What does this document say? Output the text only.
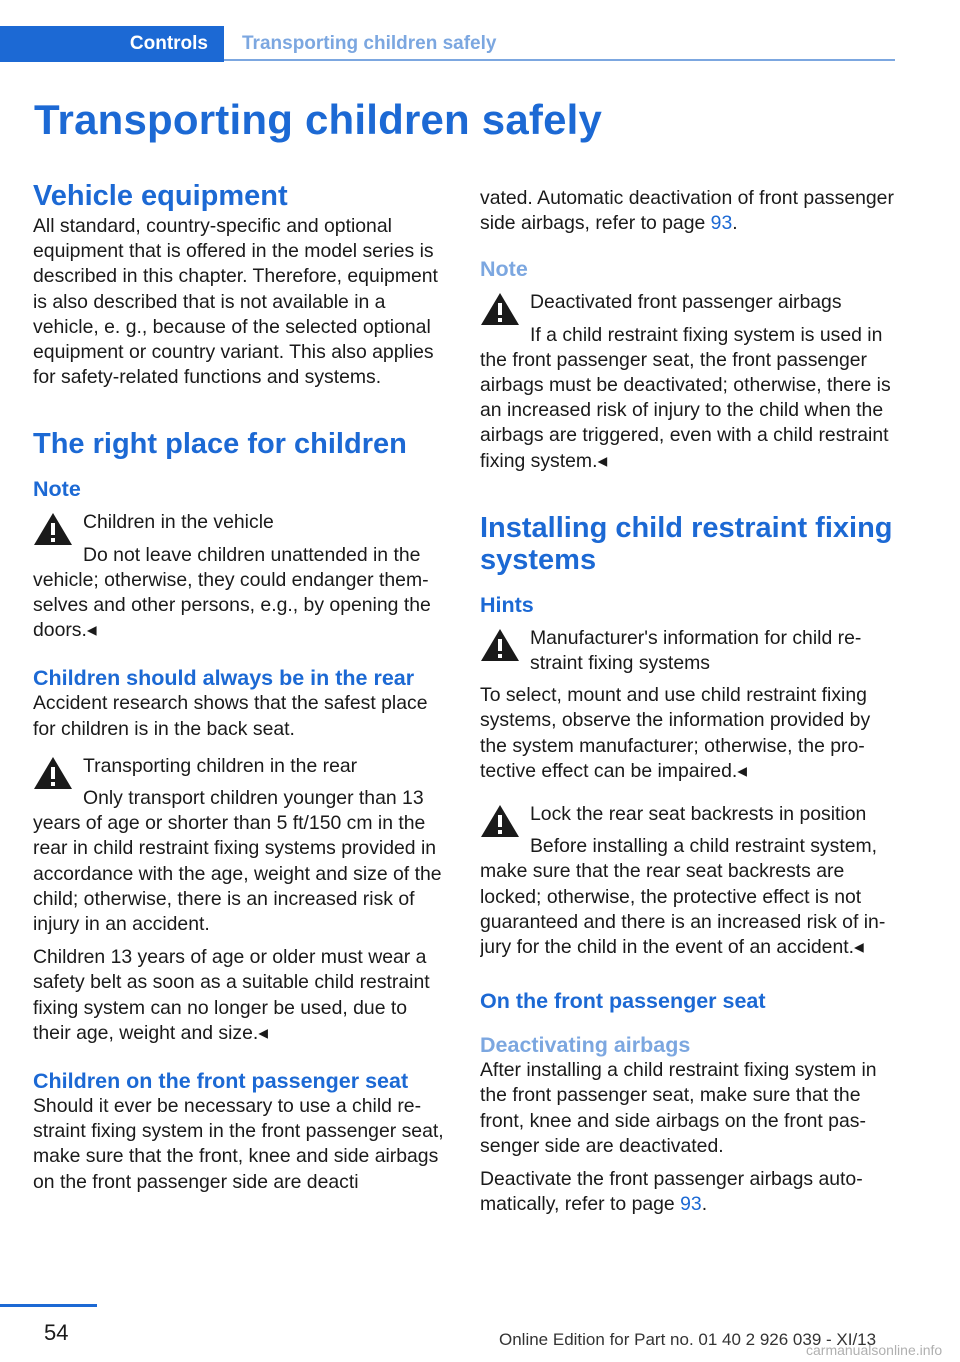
Controls	Transporting children safely
Transporting children safely
Vehicle equipment

All standard, country-specific and optional equipment that is offered in the model series is described in this chapter. Therefore, equipment is also described that is not available in a vehicle, e. g., because of the selected optional equipment or country variant. This also applies for safety-related functions and systems.

The right place for children
Note

Children in the vehicle

Do not leave children unattended in the vehicle; otherwise, they could endanger themselves and other persons, e.g., by opening the doors.◂

Children should always be in the rear

Accident research shows that the safest place for children is in the back seat.

Transporting children in the rear

Only transport children younger than 13 years of age or shorter than 5 ft/150 cm in the rear in child restraint fixing systems provided in accordance with the age, weight and size of the child; otherwise, there is an increased risk of injury in an accident.

Children 13 years of age or older must wear a safety belt as soon as a suitable child restraint fixing system can no longer be used, due to their age, weight and size.◂

Children on the front passenger seat

Should it ever be necessary to use a child restraint fixing system in the front passenger seat, make sure that the front, knee and side airbags on the front passenger side are deacti

vated. Automatic deactivation of front passenger side airbags, refer to page 93.

Note

Deactivated front passenger airbags

If a child restraint fixing system is used in the front passenger seat, the front passenger airbags must be deactivated; otherwise, there is an increased risk of injury to the child when the airbags are triggered, even with a child restraint fixing system.◂

Installing child restraint fixing systems
Hints

Manufacturer's information for child restraint fixing systems

To select, mount and use child restraint fixing systems, observe the information provided by the system manufacturer; otherwise, the protective effect can be impaired.◂

Lock the rear seat backrests in position

Before installing a child restraint system, make sure that the rear seat backrests are locked; otherwise, the protective effect is not guaranteed and there is an increased risk of injury for the child in the event of an accident.◂

On the front passenger seat
Deactivating airbags

After installing a child restraint fixing system in the front passenger seat, make sure that the front, knee and side airbags on the front passenger side are deactivated.

Deactivate the front passenger airbags automatically, refer to page 93.

54	Online Edition for Part no. 01 40 2 926 039 - XI/13
carmanualsonline.info
